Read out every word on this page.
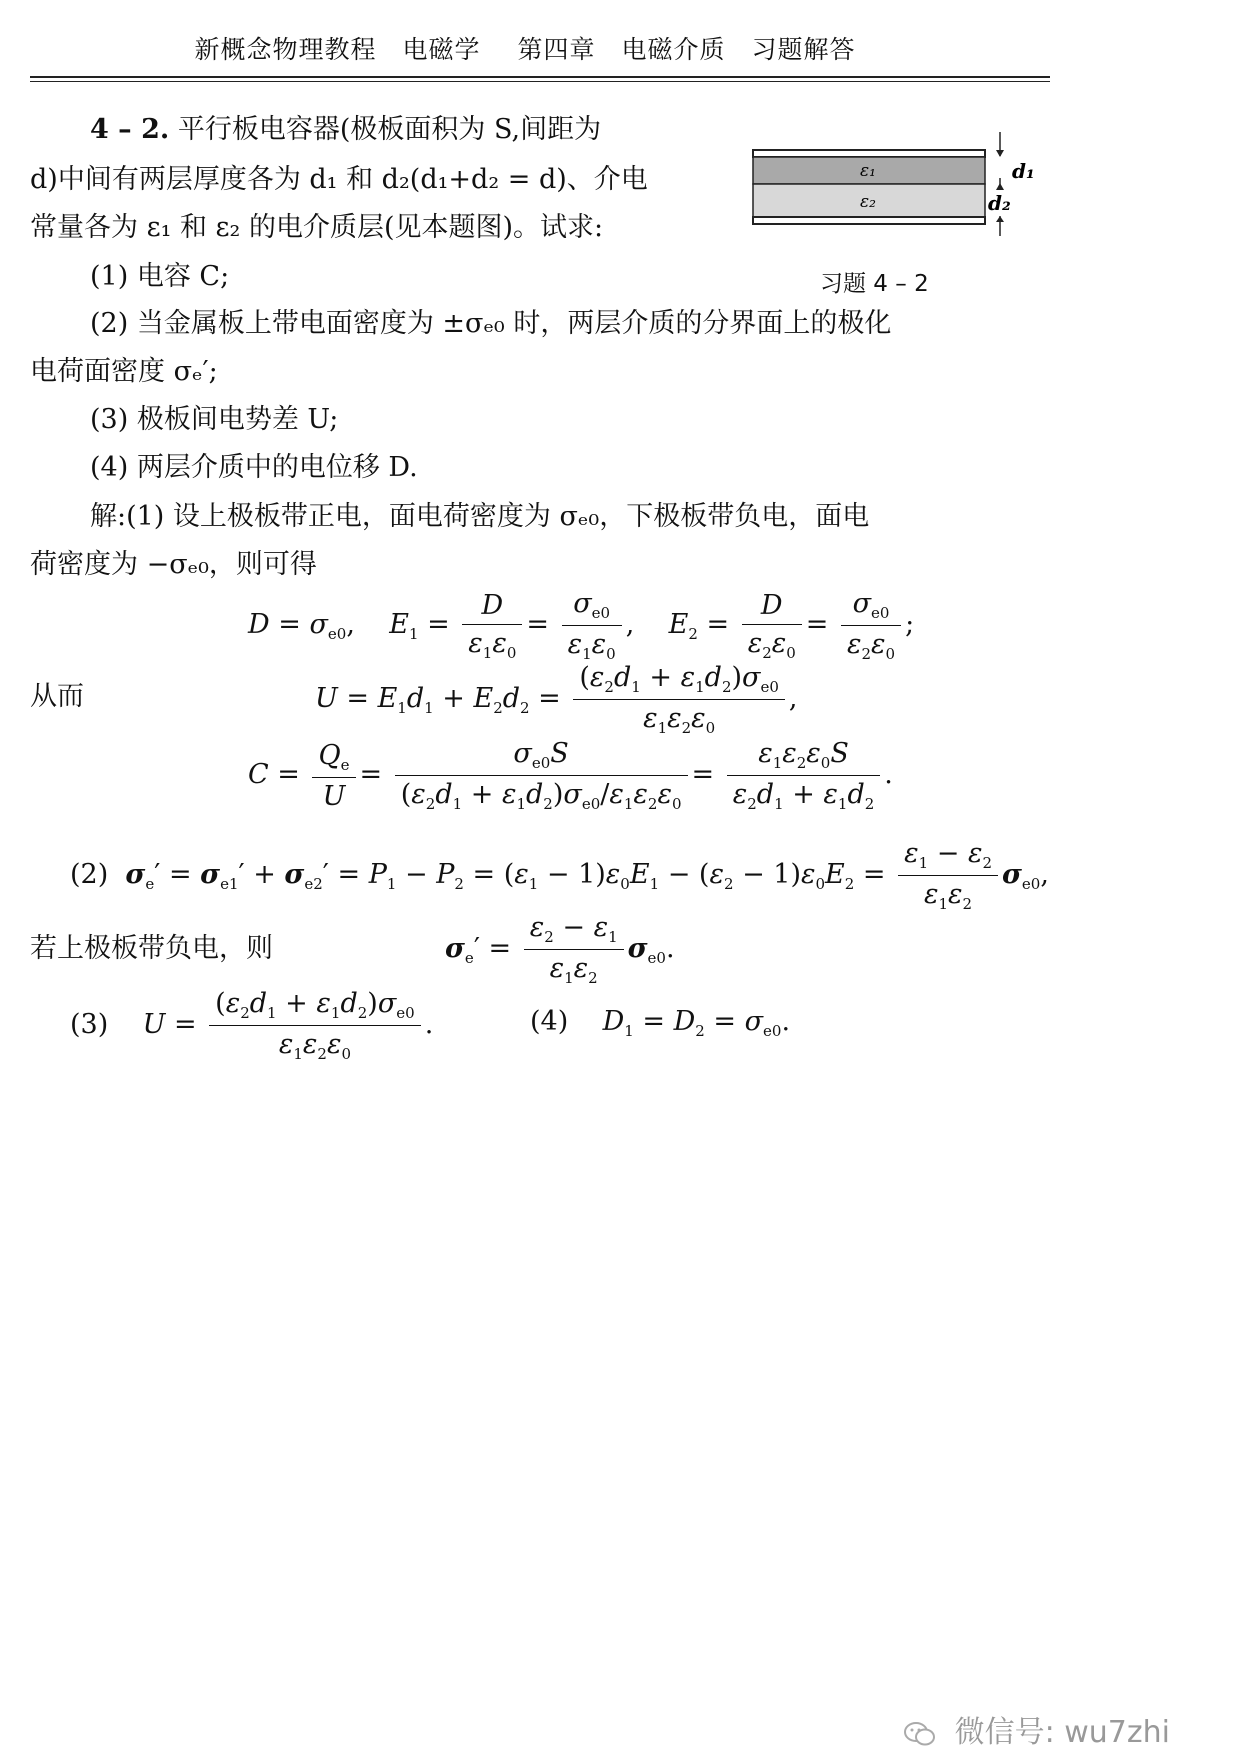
新概念物理教程　电磁学 第四章　电磁介质　习题解答
4 – 2. 平行板电容器(极板面积为 S,间距为
d)中间有两层厚度各为 d₁ 和 d₂(d₁+d₂ = d)、介电
常量各为 ε₁ 和 ε₂ 的电介质层(见本题图)。试求:
(1) 电容 C;
(2) 当金属板上带电面密度为 ±σₑ₀ 时，两层介质的分界面上的极化
电荷面密度 σₑ′;
(3) 极板间电势差 U;
(4) 两层介质中的电位移 D.
ε₁
ε₂
d₁
d₂
习题 4 – 2
解:(1) 设上极板带正电，面电荷密度为 σₑ₀，下极板带负电，面电
荷密度为 −σₑ₀，则可得
$D = \sigma_{e0}$,    $E_1 = \frac{D}{\varepsilon_1\varepsilon_0} = \frac{\sigma_{e0}}{\varepsilon_1\varepsilon_0}$ ,    $E_2 = \frac{D}{\varepsilon_2\varepsilon_0} = \frac{\sigma_{e0}}{\varepsilon_2\varepsilon_0}$ ;
从而	$U = E_1d_1 + E_2d_2 = \frac{(\varepsilon_2d_1 + \varepsilon_1d_2)\sigma_{e0}}{\varepsilon_1\varepsilon_2\varepsilon_0}$ ,
$C = \frac{Q_e}{U} = \frac{\sigma_{e0}S}{(\varepsilon_2d_1 + \varepsilon_1d_2)\sigma_{e0}/\varepsilon_1\varepsilon_2\varepsilon_0} = \frac{\varepsilon_1\varepsilon_2\varepsilon_0S}{\varepsilon_2d_1 + \varepsilon_1d_2}$ .
(2) $\sigma_e' = \sigma_{e1}' + \sigma_{e2}' = P_1 - P_2 = (\varepsilon_1 - 1)\varepsilon_0E_1 - (\varepsilon_2 - 1)\varepsilon_0E_2 = \frac{\varepsilon_1 - \varepsilon_2}{\varepsilon_1\varepsilon_2} \sigma_{e0}$,
若上极板带负电，则	$\sigma_e' = \frac{\varepsilon_2 - \varepsilon_1}{\varepsilon_1\varepsilon_2} \sigma_{e0}$.
(3) $U = \frac{(\varepsilon_2d_1 + \varepsilon_1d_2)\sigma_{e0}}{\varepsilon_1\varepsilon_2\varepsilon_0}$ .	(4) $D_1 = D_2 = \sigma_{e0}$.
微信号: wu7zhi
